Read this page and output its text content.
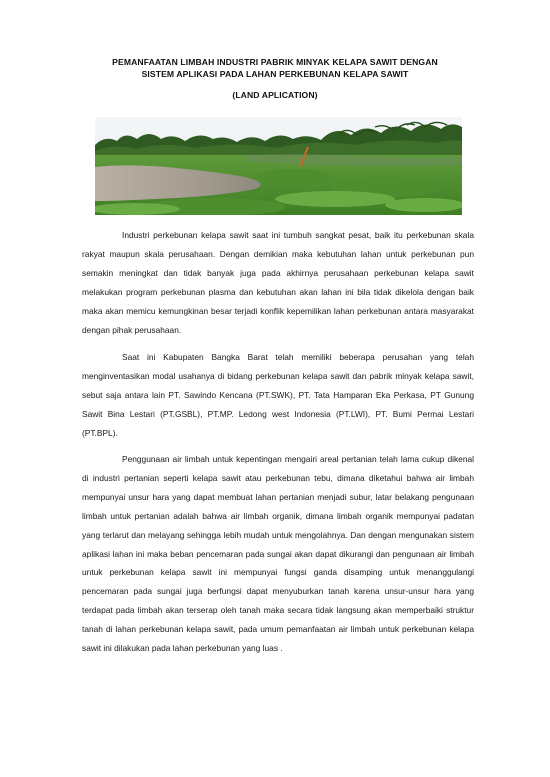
PEMANFAATAN LIMBAH INDUSTRI PABRIK MINYAK KELAPA SAWIT DENGAN
SISTEM APLIKASI PADA LAHAN PERKEBUNAN KELAPA SAWIT
(LAND APLICATION)

Industri perkebunan kelapa sawit saat ini tumbuh sangkat pesat, baik itu perkebunan skala rakyat maupun skala perusahaan. Dengan demikian maka kebutuhan lahan untuk perkebunan pun semakin meningkat dan tidak banyak juga pada akhirnya perusahaan perkebunan kelapa sawit melakukan program perkebunan plasma dan kebutuhan akan lahan ini bila tidak dikelola dengan baik maka akan memicu kemungkinan besar terjadi konflik kepemilikan lahan perkebunan antara masyarakat dengan pihak perusahaan.

Saat ini Kabupaten Bangka Barat telah memiliki beberapa perusahan yang telah menginventasikan modal usahanya di bidang perkebunan kelapa sawit dan pabrik minyak kelapa sawit, sebut saja antara lain PT. Sawindo Kencana (PT.SWK), PT. Tata Hamparan Eka Perkasa, PT Gunung Sawit Bina Lestari (PT.GSBL), PT.MP. Ledong west Indonesia (PT.LWI), PT. Bumi Permai Lestari (PT.BPL).

Penggunaan air limbah untuk kepentingan mengairi areal pertanian telah lama cukup dikenal di industri pertanian seperti kelapa sawit atau perkebunan tebu, dimana diketahui bahwa air limbah mempunyai unsur hara yang dapat membuat lahan pertanian menjadi subur, latar belakang pengunaan limbah untuk pertanian adalah bahwa air limbah organik, dimana limbah organik mempunyai padatan yang terlarut dan melayang sehingga lebih mudah untuk mengolahnya. Dan dengan mengunakan sistem aplikasi lahan ini maka beban pencemaran pada sungai akan dapat dikurangi dan pengunaan air limbah untuk perkebunan kelapa sawit ini mempunyai fungsi ganda disamping untuk menanggulangi pencemaran pada sungai juga berfungsi dapat menyuburkan tanah karena unsur-unsur hara yang terdapat pada limbah akan terserap oleh tanah maka secara tidak langsung akan memperbaiki struktur tanah di lahan perkebunan kelapa sawit, pada umum pemanfaatan air limbah untuk perkebunan kelapa sawit ini dilakukan pada lahan perkebunan yang luas .
